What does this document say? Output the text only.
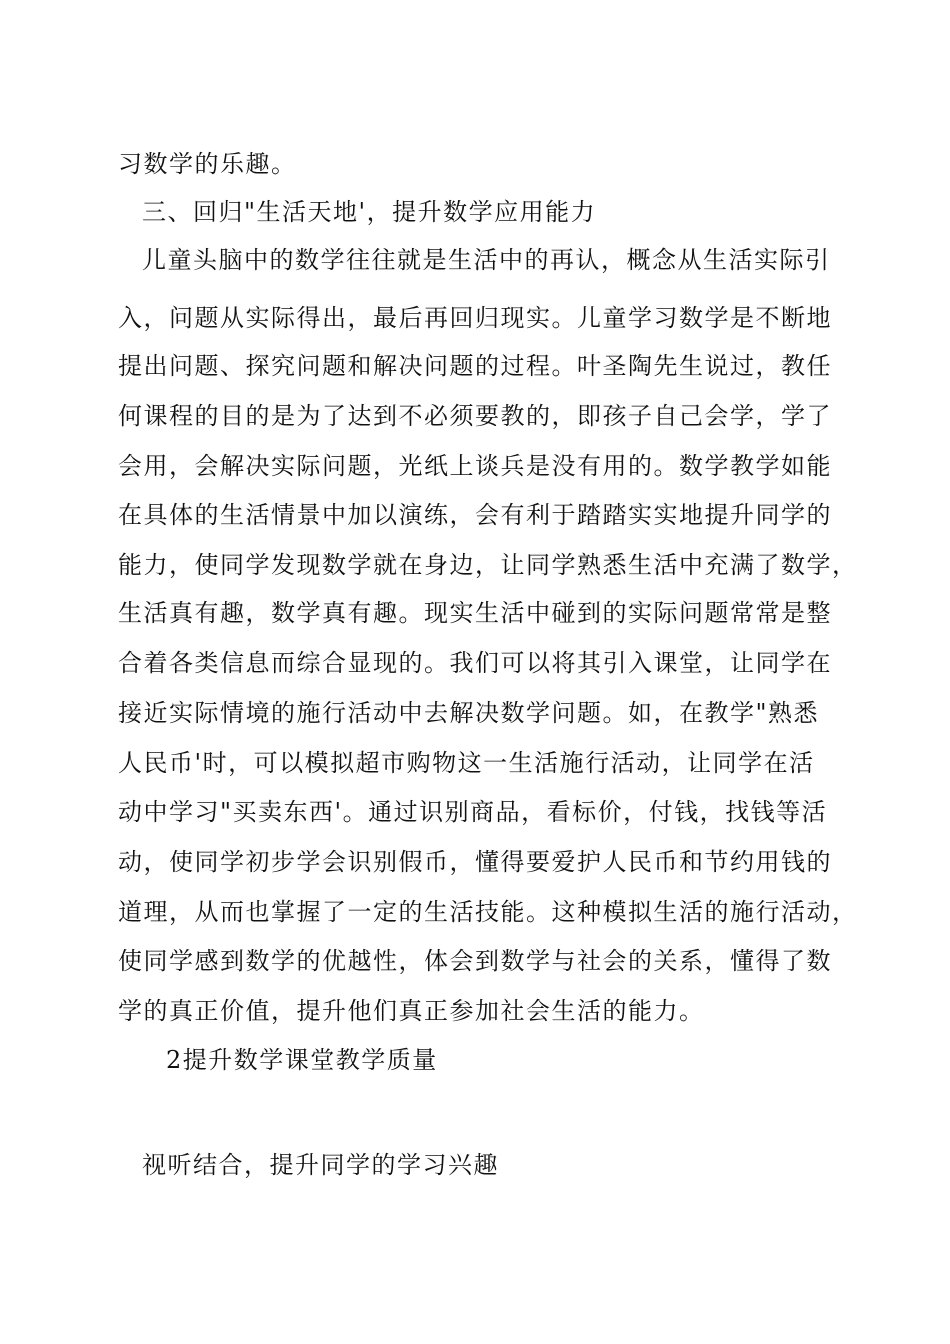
习数学的乐趣。
三、回归"生活天地'，提升数学应用能力
儿童头脑中的数学往往就是生活中的再认，概念从生活实际引
入，问题从实际得出，最后再回归现实。儿童学习数学是不断地
提出问题、探究问题和解决问题的过程。叶圣陶先生说过，教任
何课程的目的是为了达到不必须要教的，即孩子自己会学，学了
会用，会解决实际问题，光纸上谈兵是没有用的。数学教学如能
在具体的生活情景中加以演练，会有利于踏踏实实地提升同学的
能力，使同学发现数学就在身边，让同学熟悉生活中充满了数学，
生活真有趣，数学真有趣。现实生活中碰到的实际问题常常是整
合着各类信息而综合显现的。我们可以将其引入课堂，让同学在
接近实际情境的施行活动中去解决数学问题。如，在教学"熟悉
人民币'时，可以模拟超市购物这一生活施行活动，让同学在活
动中学习"买卖东西'。通过识别商品，看标价，付钱，找钱等活
动，使同学初步学会识别假币，懂得要爱护人民币和节约用钱的
道理，从而也掌握了一定的生活技能。这种模拟生活的施行活动，
使同学感到数学的优越性，体会到数学与社会的关系，懂得了数
学的真正价值，提升他们真正参加社会生活的能力。
2提升数学课堂教学质量
视听结合，提升同学的学习兴趣
